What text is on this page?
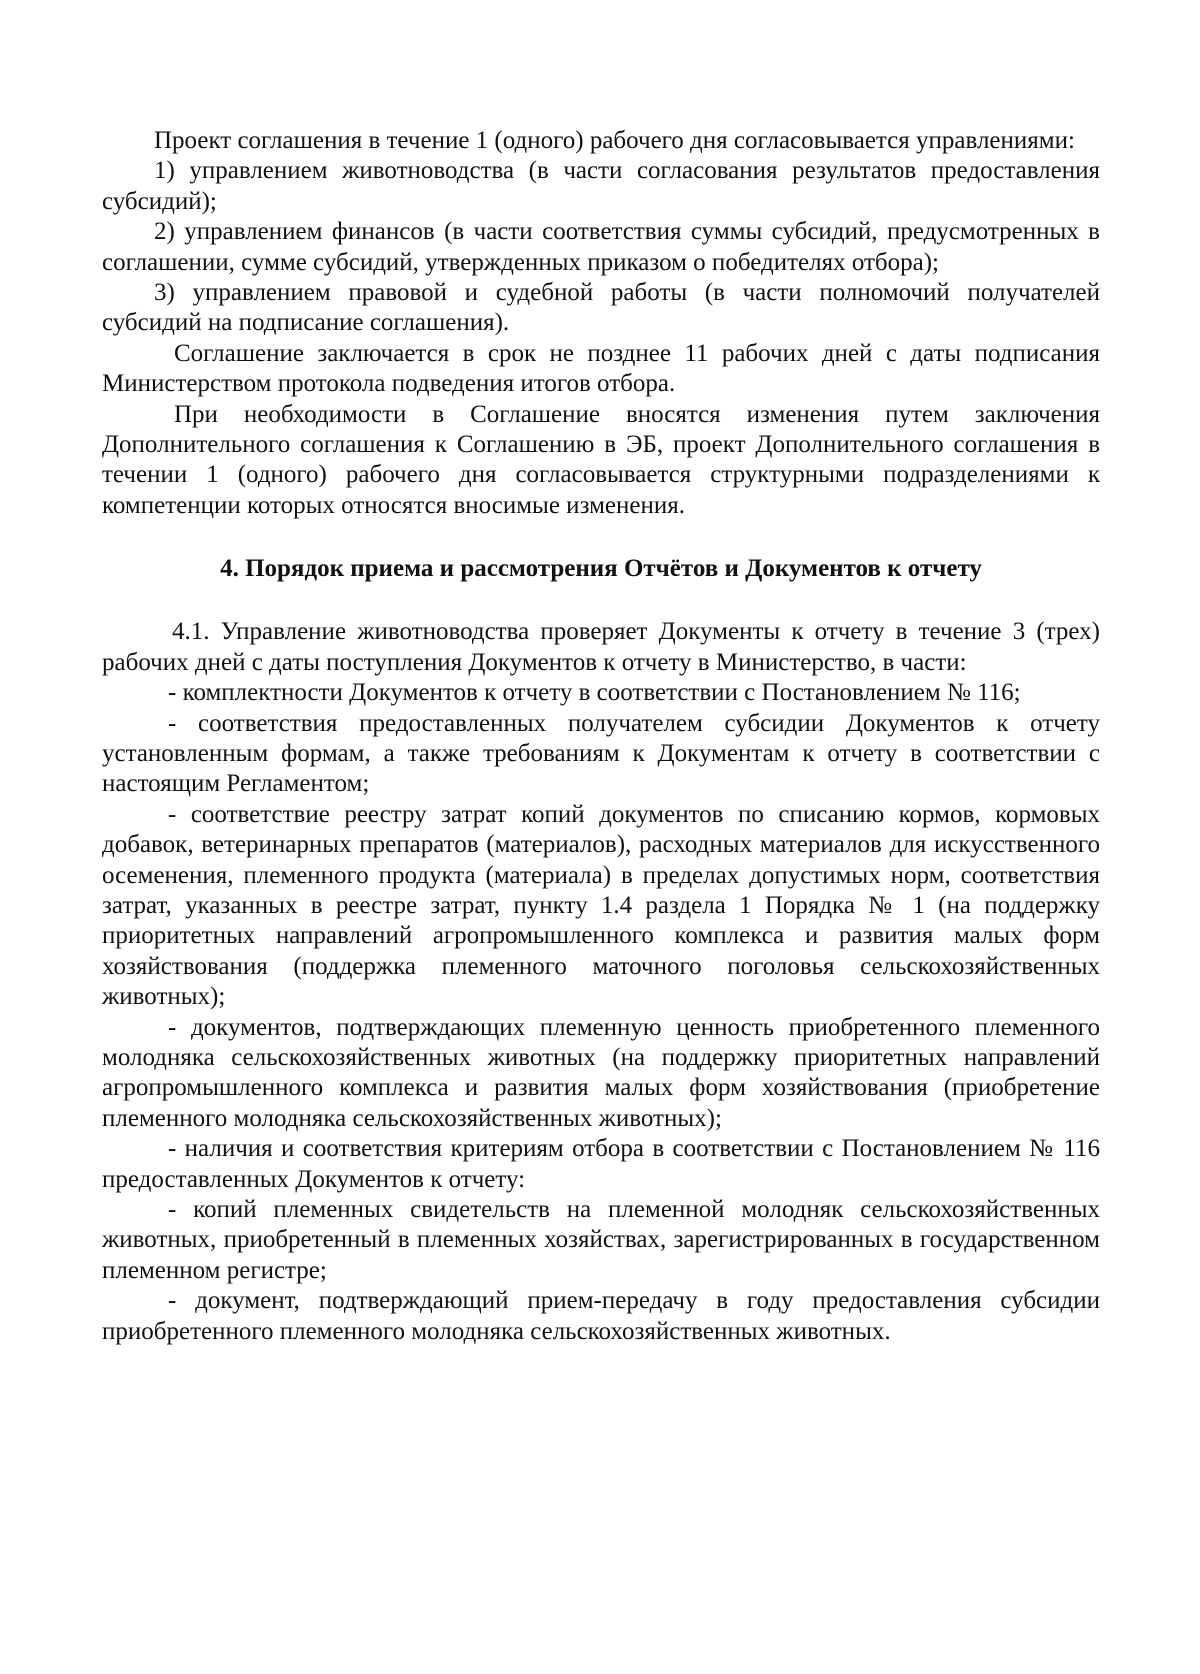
Проект соглашения в течение 1 (одного) рабочего дня согласовывается управлениями:

1) управлением животноводства (в части согласования результатов предоставления субсидий);

2) управлением финансов (в части соответствия суммы субсидий, предусмотренных в соглашении, сумме субсидий, утвержденных приказом о победителях отбора);

3) управлением правовой и судебной работы (в части полномочий получателей субсидий на подписание соглашения).

Соглашение заключается в срок не позднее 11 рабочих дней с даты подписания Министерством протокола подведения итогов отбора.

При необходимости в Соглашение вносятся изменения путем заключения Дополнительного соглашения к Соглашению в ЭБ, проект Дополнительного соглашения в течении 1 (одного) рабочего дня согласовывается структурными подразделениями к компетенции которых относятся вносимые изменения.

4. Порядок приема и рассмотрения Отчётов и Документов к отчету

4.1. Управление животноводства проверяет Документы к отчету в течение 3 (трех) рабочих дней с даты поступления Документов к отчету в Министерство, в части:

- комплектности Документов к отчету в соответствии с Постановлением № 116;

- соответствия предоставленных получателем субсидии Документов к отчету установленным формам, а также требованиям к Документам к отчету в соответствии с настоящим Регламентом;

- соответствие реестру затрат копий документов по списанию кормов, кормовых добавок, ветеринарных препаратов (материалов), расходных материалов для искусственного осеменения, племенного продукта (материала) в пределах допустимых норм, соответствия затрат, указанных в реестре затрат, пункту 1.4 раздела 1 Порядка № 1 (на поддержку приоритетных направлений агропромышленного комплекса и развития малых форм хозяйствования (поддержка племенного маточного поголовья сельскохозяйственных животных);

- документов, подтверждающих племенную ценность приобретенного племенного молодняка сельскохозяйственных животных (на поддержку приоритетных направлений агропромышленного комплекса и развития малых форм хозяйствования (приобретение племенного молодняка сельскохозяйственных животных);

- наличия и соответствия критериям отбора в соответствии с Постановлением № 116 предоставленных Документов к отчету:

- копий племенных свидетельств на племенной молодняк сельскохозяйственных животных, приобретенный в племенных хозяйствах, зарегистрированных в государственном племенном регистре;

- документ, подтверждающий прием-передачу в году предоставления субсидии приобретенного племенного молодняка сельскохозяйственных животных.
